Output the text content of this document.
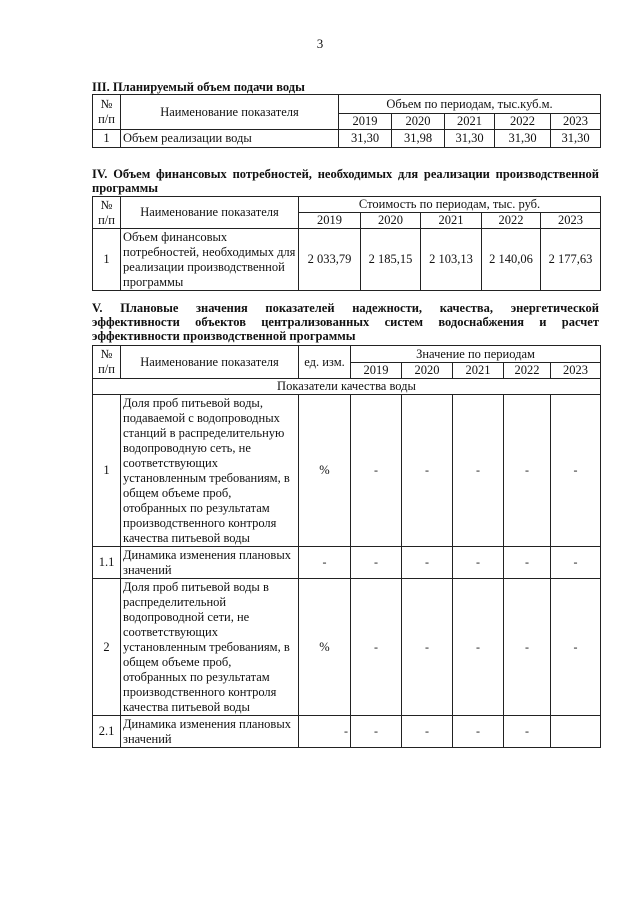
3
III. Планируемый объем подачи воды
№ п/п	Наименование показателя	Объем по периодам, тыс.куб.м.				
		2019	2020	2021	2022	2023
1	Объем реализации воды	31,30	31,98	31,30	31,30	31,30
IV. Объем финансовых потребностей, необходимых для реализации производственной программы
№ п/п	Наименование показателя	Стоимость по периодам, тыс. руб.				
		2019	2020	2021	2022	2023
1	Объем финансовых потребностей, необходимых для реализации производственной программы	2 033,79	2 185,15	2 103,13	2 140,06	2 177,63
V. Плановые значения показателей надежности, качества, энергетической эффективности объектов централизованных систем водоснабжения и расчет эффективности производственной программы
№ п/п	Наименование показателя	ед. изм.	Значение по периодам				
			2019	2020	2021	2022	2023
Показатели качества воды							
1	Доля проб питьевой воды, подаваемой с водопроводных станций в распределительную водопроводную сеть, не соответствующих установленным требованиям, в общем объеме проб, отобранных по результатам производственного контроля качества питьевой воды	%	-	-	-	-	-
1.1	Динамика изменения плановых значений	-	-	-	-	-	-
2	Доля проб питьевой воды в распределительной водопроводной сети, не соответствующих установленным требованиям, в общем объеме проб, отобранных по результатам производственного контроля качества питьевой воды	%	-	-	-	-	-
2.1	Динамика изменения плановых значений	-	-	-	-	-	
